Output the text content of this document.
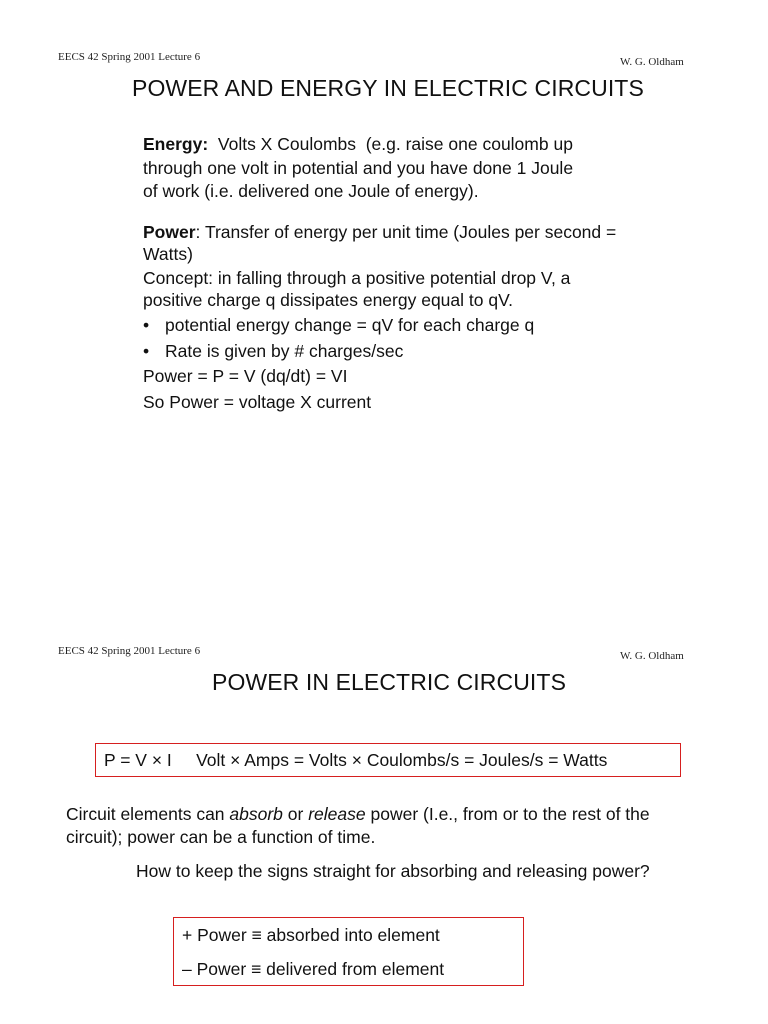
EECS 42 Spring 2001 Lecture 6	W. G. Oldham
POWER AND ENERGY IN ELECTRIC CIRCUITS
Energy:  Volts X Coulombs  (e.g. raise one coulomb up
through one volt in potential and you have done 1 Joule
of work (i.e. delivered one Joule of energy).
Power: Transfer of energy per unit time (Joules per second =
Watts)
Concept: in falling through a positive potential drop V, a
positive charge q dissipates energy equal to qV.
• potential energy change = qV for each charge q
• Rate is given by # charges/sec
Power = P = V (dq/dt) = VI
So Power = voltage X current
EECS 42 Spring 2001 Lecture 6	W. G. Oldham
POWER IN ELECTRIC CIRCUITS
P = V × I     Volt × Amps = Volts × Coulombs/s = Joules/s = Watts
Circuit elements can absorb or release power (I.e., from or to the rest of the
circuit); power can be a function of time.
How to keep the signs straight for absorbing and releasing power?
+ Power ≡ absorbed into element
– Power ≡ delivered from element
